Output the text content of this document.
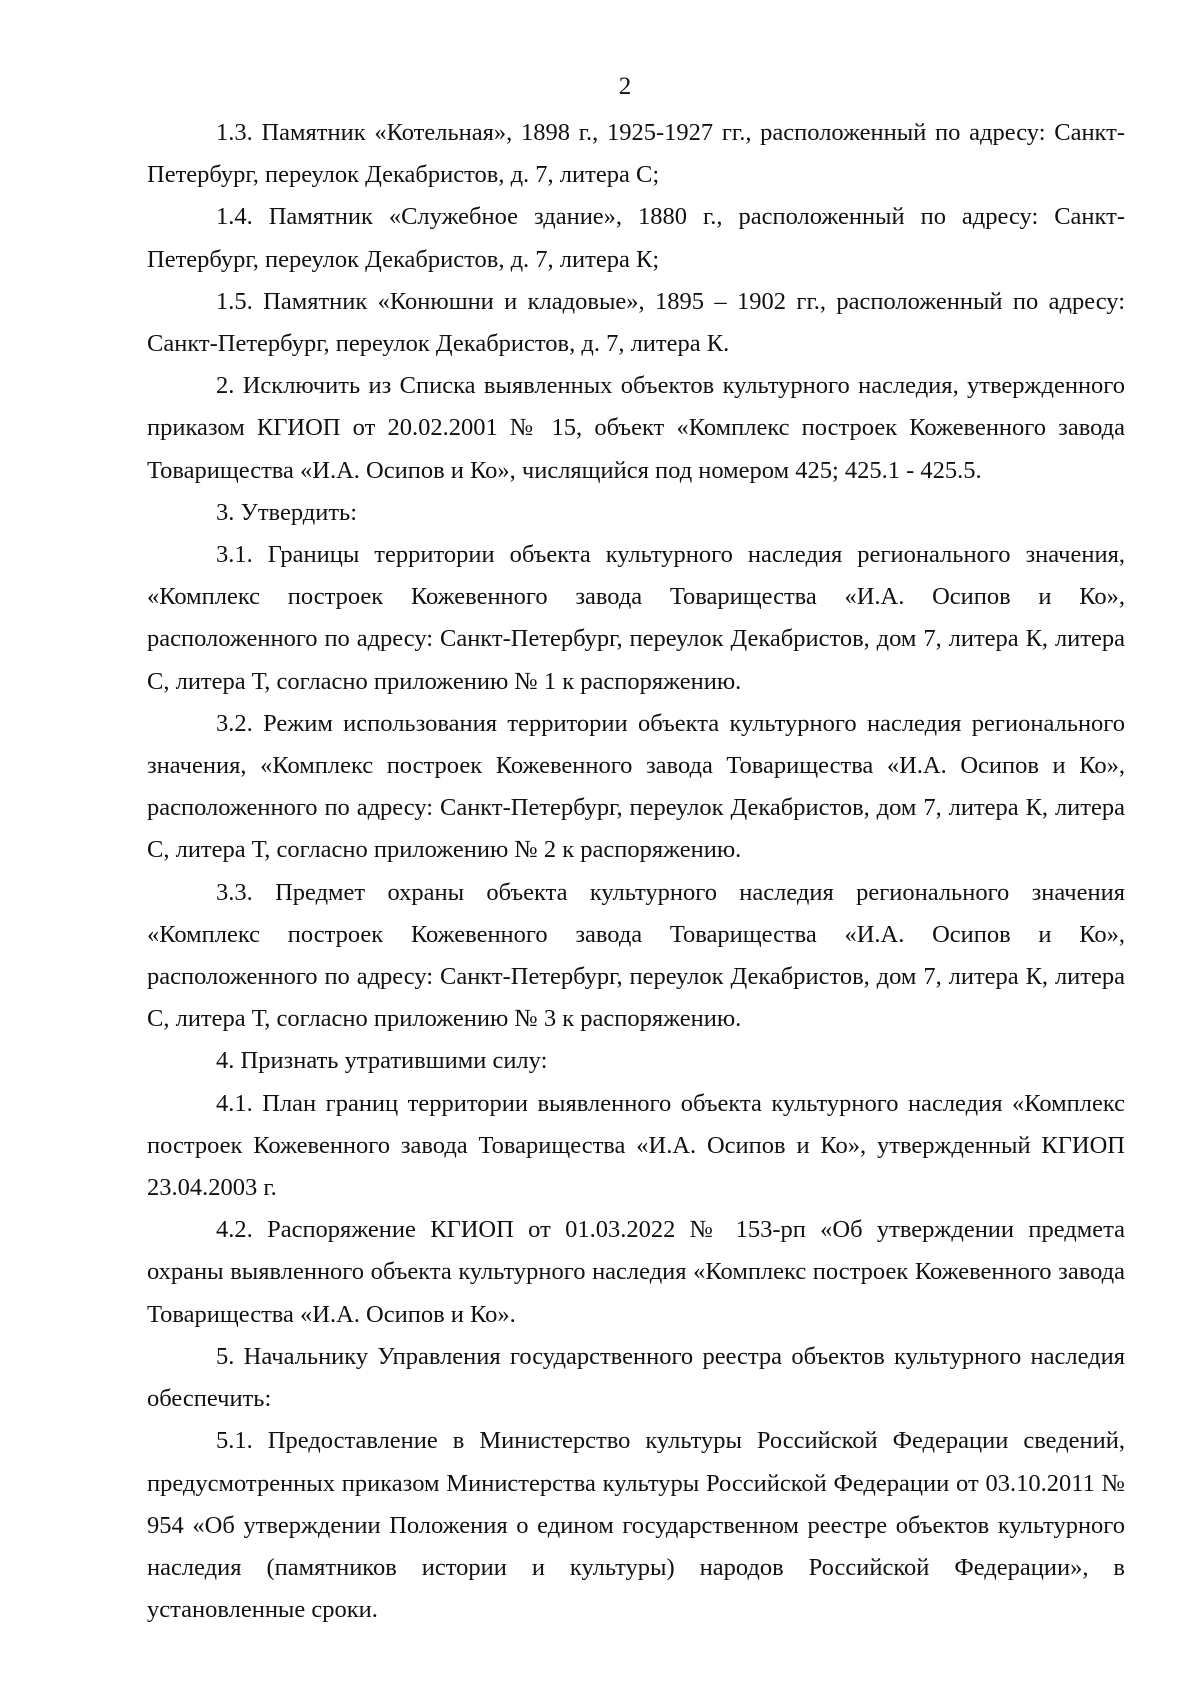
2

1.3. Памятник «Котельная», 1898 г., 1925-1927 гг., расположенный по адресу: Санкт-Петербург, переулок Декабристов, д. 7, литера С;

1.4. Памятник «Служебное здание», 1880 г., расположенный по адресу: Санкт-Петербург, переулок Декабристов, д. 7, литера К;

1.5. Памятник «Конюшни и кладовые», 1895 – 1902 гг., расположенный по адресу: Санкт-Петербург, переулок Декабристов, д. 7, литера К.

2. Исключить из Списка выявленных объектов культурного наследия, утвержденного приказом КГИОП от 20.02.2001 № 15, объект «Комплекс построек Кожевенного завода Товарищества «И.А. Осипов и Ко», числящийся под номером 425; 425.1 - 425.5.

3. Утвердить:

3.1. Границы территории объекта культурного наследия регионального значения, «Комплекс построек Кожевенного завода Товарищества «И.А. Осипов и Ко», расположенного по адресу: Санкт-Петербург, переулок Декабристов, дом 7, литера К, литера С, литера Т, согласно приложению № 1 к распоряжению.

3.2. Режим использования территории объекта культурного наследия регионального значения, «Комплекс построек Кожевенного завода Товарищества «И.А. Осипов и Ко», расположенного по адресу: Санкт-Петербург, переулок Декабристов, дом 7, литера К, литера С, литера Т, согласно приложению № 2 к распоряжению.

3.3. Предмет охраны объекта культурного наследия регионального значения «Комплекс построек Кожевенного завода Товарищества «И.А. Осипов и Ко», расположенного по адресу: Санкт-Петербург, переулок Декабристов, дом 7, литера К, литера С, литера Т, согласно приложению № 3 к распоряжению.

4. Признать утратившими силу:

4.1. План границ территории выявленного объекта культурного наследия «Комплекс построек Кожевенного завода Товарищества «И.А. Осипов и Ко», утвержденный КГИОП 23.04.2003 г.

4.2. Распоряжение КГИОП от 01.03.2022 № 153-рп «Об утверждении предмета охраны выявленного объекта культурного наследия «Комплекс построек Кожевенного завода Товарищества «И.А. Осипов и Ко».

5. Начальнику Управления государственного реестра объектов культурного наследия обеспечить:

5.1. Предоставление в Министерство культуры Российской Федерации сведений, предусмотренных приказом Министерства культуры Российской Федерации от 03.10.2011 № 954 «Об утверждении Положения о едином государственном реестре объектов культурного наследия (памятников истории и культуры) народов Российской Федерации», в установленные сроки.
